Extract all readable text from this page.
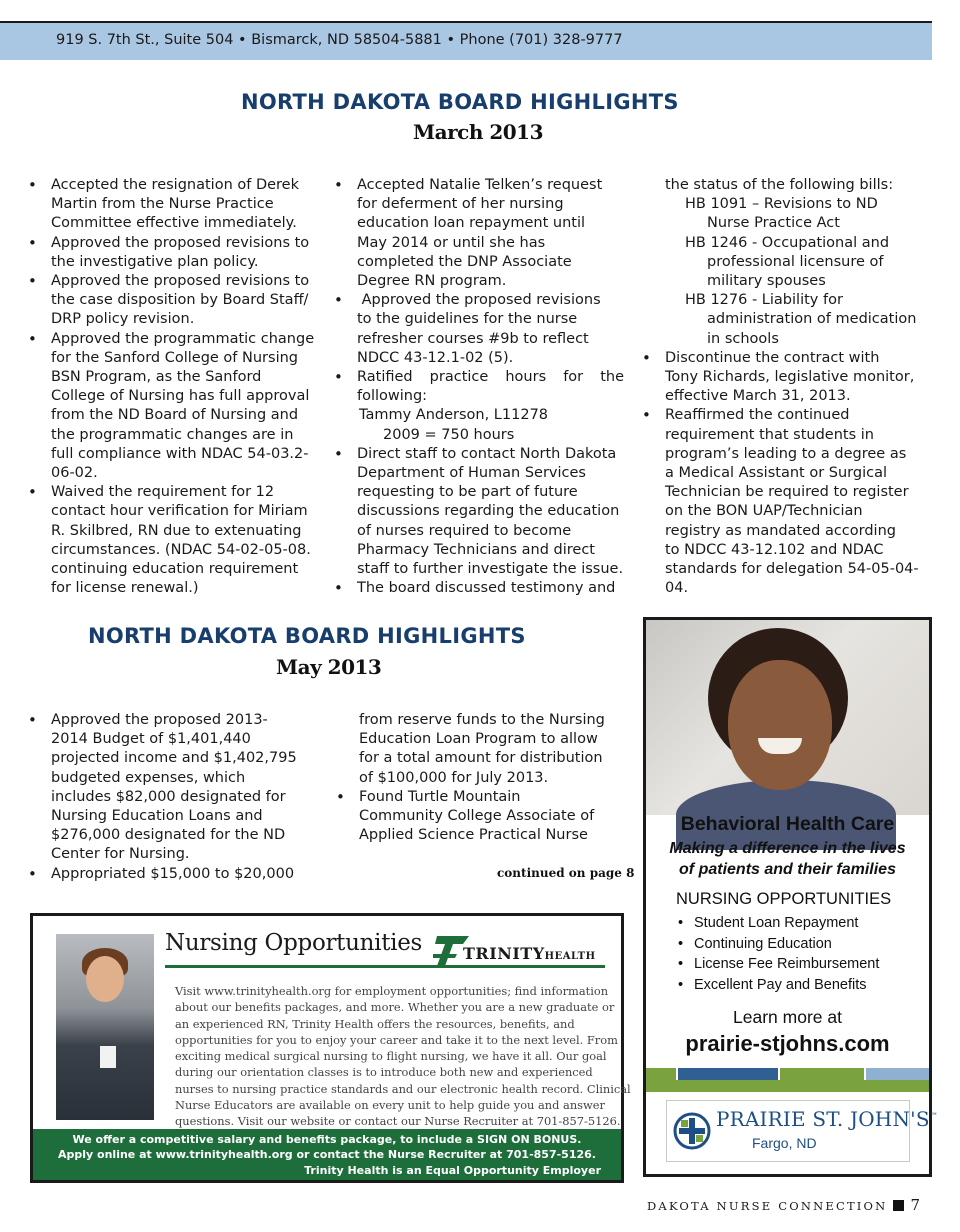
919 S. 7th St., Suite 504 • Bismarck, ND 58504-5881 • Phone (701) 328-9777
NORTH DAKOTA BOARD HIGHLIGHTS
March 2013
• Accepted the resignation of Derek
Martin from the Nurse Practice
Committee effective immediately.
• Approved the proposed revisions to
the investigative plan policy.
• Approved the proposed revisions to
the case disposition by Board Staff/
DRP policy revision.
• Approved the programmatic change
for the Sanford College of Nursing
BSN Program, as the Sanford
College of Nursing has full approval
from the ND Board of Nursing and
the programmatic changes are in
full compliance with NDAC 54-03.2-
06-02.
• Waived the requirement for 12
contact hour verification for Miriam
R. Skilbred, RN due to extenuating
circumstances. (NDAC 54-02-05-08.
continuing education requirement
for license renewal.)
• Accepted Natalie Telken’s request
for deferment of her nursing
education loan repayment until
May 2014 or until she has
completed the DNP Associate
Degree RN program.
•  Approved the proposed revisions
to the guidelines for the nurse
refresher courses #9b to reflect
NDCC 43-12.1-02 (5).
• Ratified practice hours for the
following:
Tammy Anderson, L11278
2009 = 750 hours
• Direct staff to contact North Dakota
Department of Human Services
requesting to be part of future
discussions regarding the education
of nurses required to become
Pharmacy Technicians and direct
staff to further investigate the issue.
• The board discussed testimony and
the status of the following bills:
HB 1091 – Revisions to ND
Nurse Practice Act
HB 1246 - Occupational and
professional licensure of
military spouses
HB 1276 - Liability for
administration of medication
in schools
• Discontinue the contract with
Tony Richards, legislative monitor,
effective March 31, 2013.
• Reaffirmed the continued
requirement that students in
program’s leading to a degree as
a Medical Assistant or Surgical
Technician be required to register
on the BON UAP/Technician
registry as mandated according
to NDCC 43-12.102 and NDAC
standards for delegation 54-05-04-
04.
NORTH DAKOTA BOARD HIGHLIGHTS
May 2013
• Approved the proposed 2013-
2014 Budget of $1,401,440
projected income and $1,402,795
budgeted expenses, which
includes $82,000 designated for
Nursing Education Loans and
$276,000 designated for the ND
Center for Nursing.
• Appropriated $15,000 to $20,000
from reserve funds to the Nursing
Education Loan Program to allow
for a total amount for distribution
of $100,000 for July 2013.
• Found Turtle Mountain
Community College Associate of
Applied Science Practical Nurse
continued on page 8
Nursing Opportunities	TRINITYHEALTH
Visit www.trinityhealth.org for employment opportunities; find information
about our benefits packages, and more. Whether you are a new graduate or
an experienced RN, Trinity Health offers the resources, benefits, and
opportunities for you to enjoy your career and take it to the next level. From
exciting medical surgical nursing to flight nursing, we have it all. Our goal
during our orientation classes is to introduce both new and experienced
nurses to nursing practice standards and our electronic health record. Clinical
Nurse Educators are available on every unit to help guide you and answer
questions. Visit our website or contact our Nurse Recruiter at 701-857-5126.
We offer a competitive salary and benefits package, to include a SIGN ON BONUS.
Apply online at www.trinityhealth.org or contact the Nurse Recruiter at 701-857-5126.
Trinity Health is an Equal Opportunity Employer
Behavioral Health Care
Making a difference in the lives
of patients and their families
NURSING OPPORTUNITIES
• Student Loan Repayment
• Continuing Education
• License Fee Reimbursement
• Excellent Pay and Benefits
Learn more at
prairie-stjohns.com
PRAIRIE ST. JOHN'S™
Fargo, ND
DAKOTA NURSE CONNECTION 7
